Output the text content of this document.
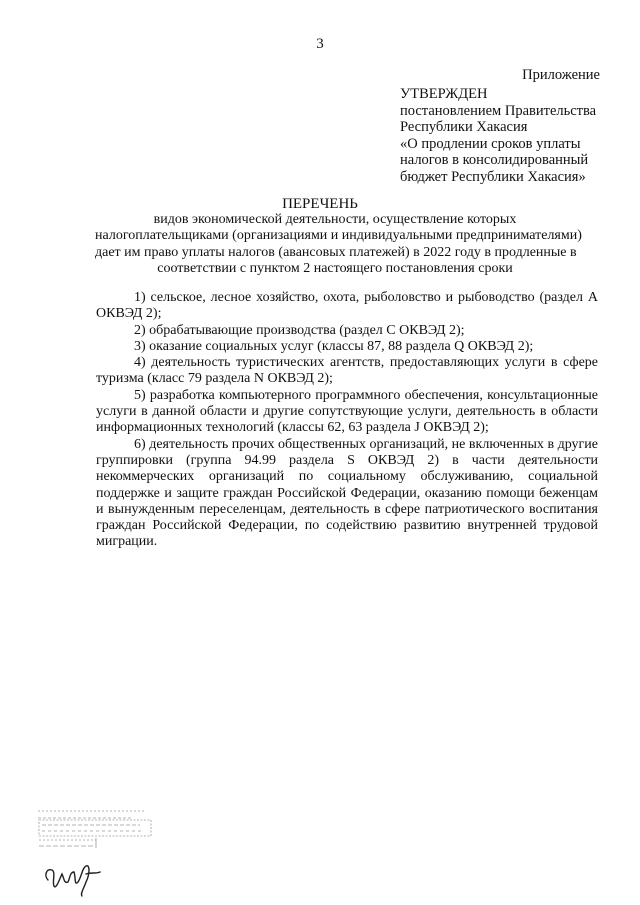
3
Приложение
УТВЕРЖДЕН
постановлением Правительства
Республики Хакасия
«О продлении сроков уплаты
налогов в консолидированный
бюджет Республики Хакасия»
ПЕРЕЧЕНЬ
видов экономической деятельности, осуществление которых
налогоплательщиками (организациями и индивидуальными предпринимателями)
дает им право уплаты налогов (авансовых платежей) в 2022 году в продленные в
соответствии с пунктом 2 настоящего постановления сроки

1) сельское, лесное хозяйство, охота, рыболовство и рыбоводство (раздел A ОКВЭД 2);

2) обрабатывающие производства (раздел C ОКВЭД 2);

3) оказание социальных услуг (классы 87, 88 раздела Q ОКВЭД 2);

4) деятельность туристических агентств, предоставляющих услуги в сфере туризма (класс 79 раздела N ОКВЭД 2);

5) разработка компьютерного программного обеспечения, консультационные услуги в данной области и другие сопутствующие услуги, деятельность в области информационных технологий (классы 62, 63 раздела J ОКВЭД 2);

6) деятельность прочих общественных организаций, не включенных в другие группировки (группа 94.99 раздела S ОКВЭД 2) в части деятельности некоммерческих организаций по социальному обслуживанию, социальной поддержке и защите граждан Российской Федерации, оказанию помощи беженцам и вынужденным переселенцам, деятельность в сфере патриотического воспитания граждан Российской Федерации, по содействию развитию внутренней трудовой миграции.
